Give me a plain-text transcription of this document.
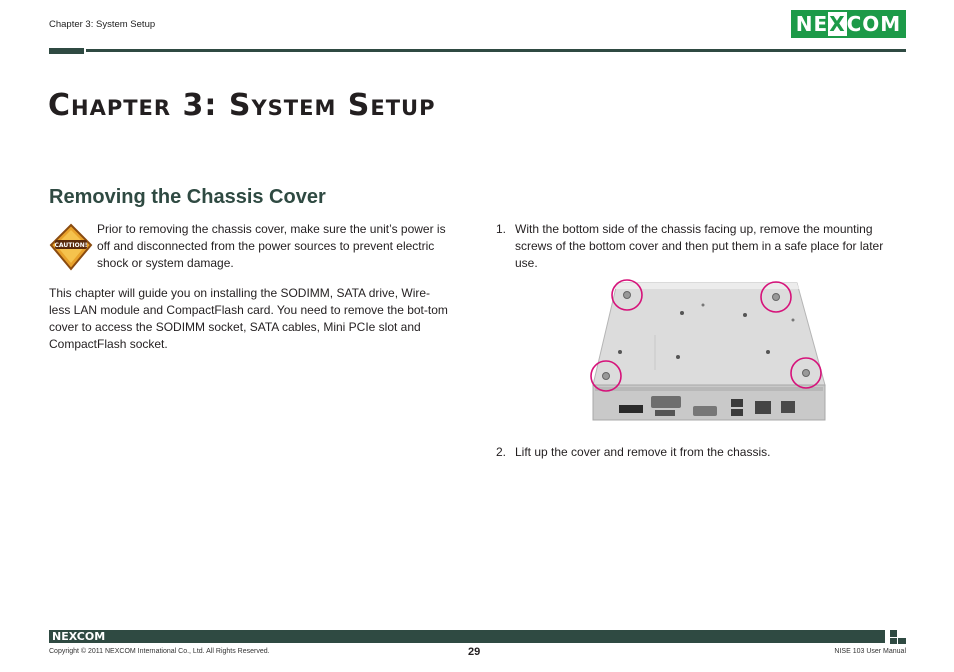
Chapter 3: System Setup	NEXCOM
Chapter 3: System Setup
Removing the Chassis Cover
CAUTION!
Prior to removing the chassis cover, make sure the unit’s power is off and disconnected from the power sources to prevent electric shock or system damage.
This chapter will guide you on installing the SODIMM, SATA drive, Wire-less LAN module and CompactFlash card. You need to remove the bot-tom cover to access the SODIMM socket, SATA cables, Mini PCIe slot and CompactFlash socket.
1. With the bottom side of the chassis facing up, remove the mounting screws of the bottom cover and then put them in a safe place for later use.
2. Lift up the cover and remove it from the chassis.
NEXCOM
Copyright © 2011 NEXCOM International Co., Ltd. All Rights Reserved.	29	NISE 103 User Manual
